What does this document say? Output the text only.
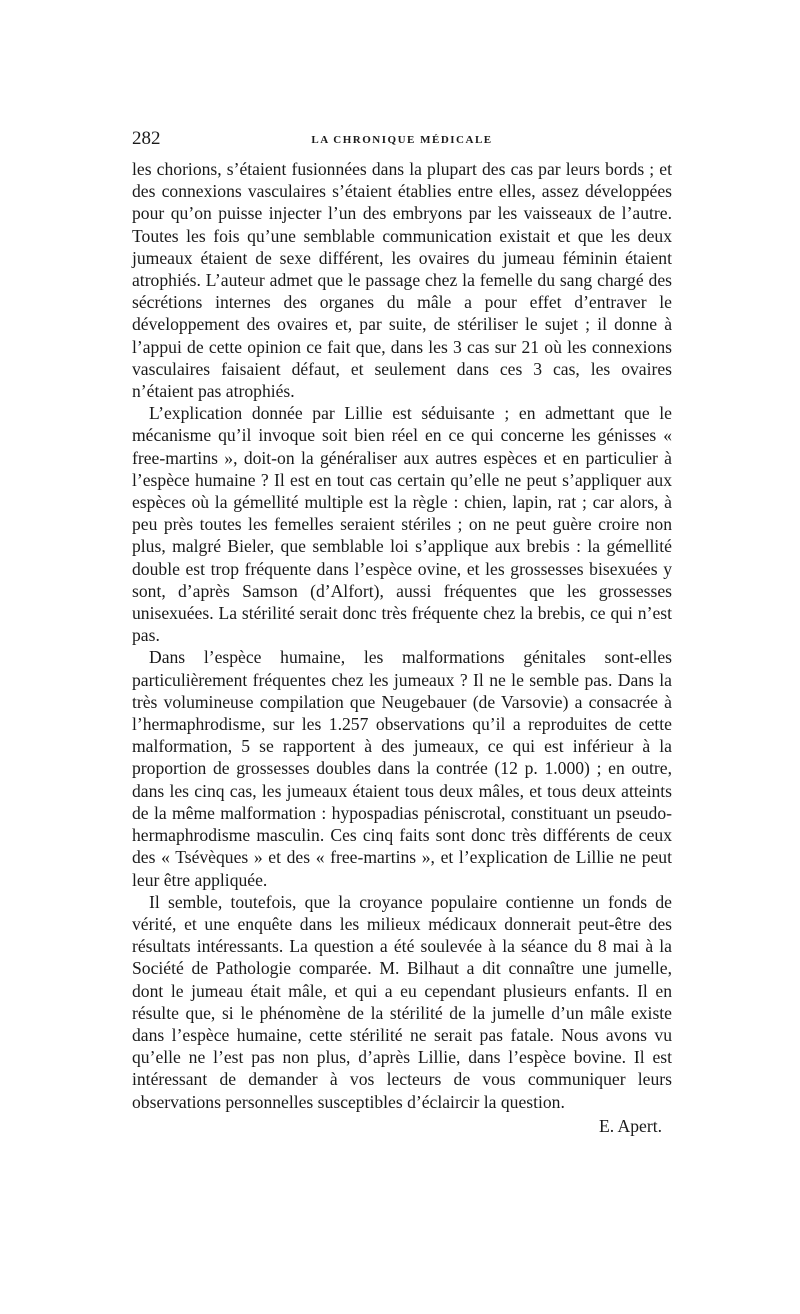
282	LA CHRONIQUE MÉDICALE

les chorions, s’étaient fusionnées dans la plupart des cas par leurs bords ; et des connexions vasculaires s’étaient établies entre elles, assez développées pour qu’on puisse injecter l’un des embryons par les vaisseaux de l’autre. Toutes les fois qu’une semblable communication existait et que les deux jumeaux étaient de sexe différent, les ovaires du jumeau féminin étaient atrophiés. L’auteur admet que le passage chez la femelle du sang chargé des sécrétions internes des organes du mâle a pour effet d’entraver le développement des ovaires et, par suite, de stériliser le sujet ; il donne à l’appui de cette opinion ce fait que, dans les 3 cas sur 21 où les connexions vasculaires faisaient défaut, et seulement dans ces 3 cas, les ovaires n’étaient pas atrophiés.

L’explication donnée par Lillie est séduisante ; en admettant que le mécanisme qu’il invoque soit bien réel en ce qui concerne les génisses « free-martins », doit-on la généraliser aux autres espèces et en particulier à l’espèce humaine ? Il est en tout cas certain qu’elle ne peut s’appliquer aux espèces où la gémellité multiple est la règle : chien, lapin, rat ; car alors, à peu près toutes les femelles seraient stériles ; on ne peut guère croire non plus, malgré Bieler, que semblable loi s’applique aux brebis : la gémellité double est trop fréquente dans l’espèce ovine, et les grossesses bisexuées y sont, d’après Samson (d’Alfort), aussi fréquentes que les grossesses unisexuées. La stérilité serait donc très fréquente chez la brebis, ce qui n’est pas.

Dans l’espèce humaine, les malformations génitales sont-elles particulièrement fréquentes chez les jumeaux ? Il ne le semble pas. Dans la très volumineuse compilation que Neugebauer (de Varsovie) a consacrée à l’hermaphrodisme, sur les 1.257 observations qu’il a reproduites de cette malformation, 5 se rapportent à des jumeaux, ce qui est inférieur à la proportion de grossesses doubles dans la contrée (12 p. 1.000) ; en outre, dans les cinq cas, les jumeaux étaient tous deux mâles, et tous deux atteints de la même malformation : hypospadias péniscrotal, constituant un pseudo-hermaphrodisme masculin. Ces cinq faits sont donc très différents de ceux des « Tsévèques » et des « free-martins », et l’explication de Lillie ne peut leur être appliquée.

Il semble, toutefois, que la croyance populaire contienne un fonds de vérité, et une enquête dans les milieux médicaux donnerait peut-être des résultats intéressants. La question a été soulevée à la séance du 8 mai à la Société de Pathologie comparée. M. Bilhaut a dit connaître une jumelle, dont le jumeau était mâle, et qui a eu cependant plusieurs enfants. Il en résulte que, si le phénomène de la stérilité de la jumelle d’un mâle existe dans l’espèce humaine, cette stérilité ne serait pas fatale. Nous avons vu qu’elle ne l’est pas non plus, d’après Lillie, dans l’espèce bovine. Il est intéressant de demander à vos lecteurs de vous communiquer leurs observations personnelles susceptibles d’éclaircir la question.

E. Apert.
